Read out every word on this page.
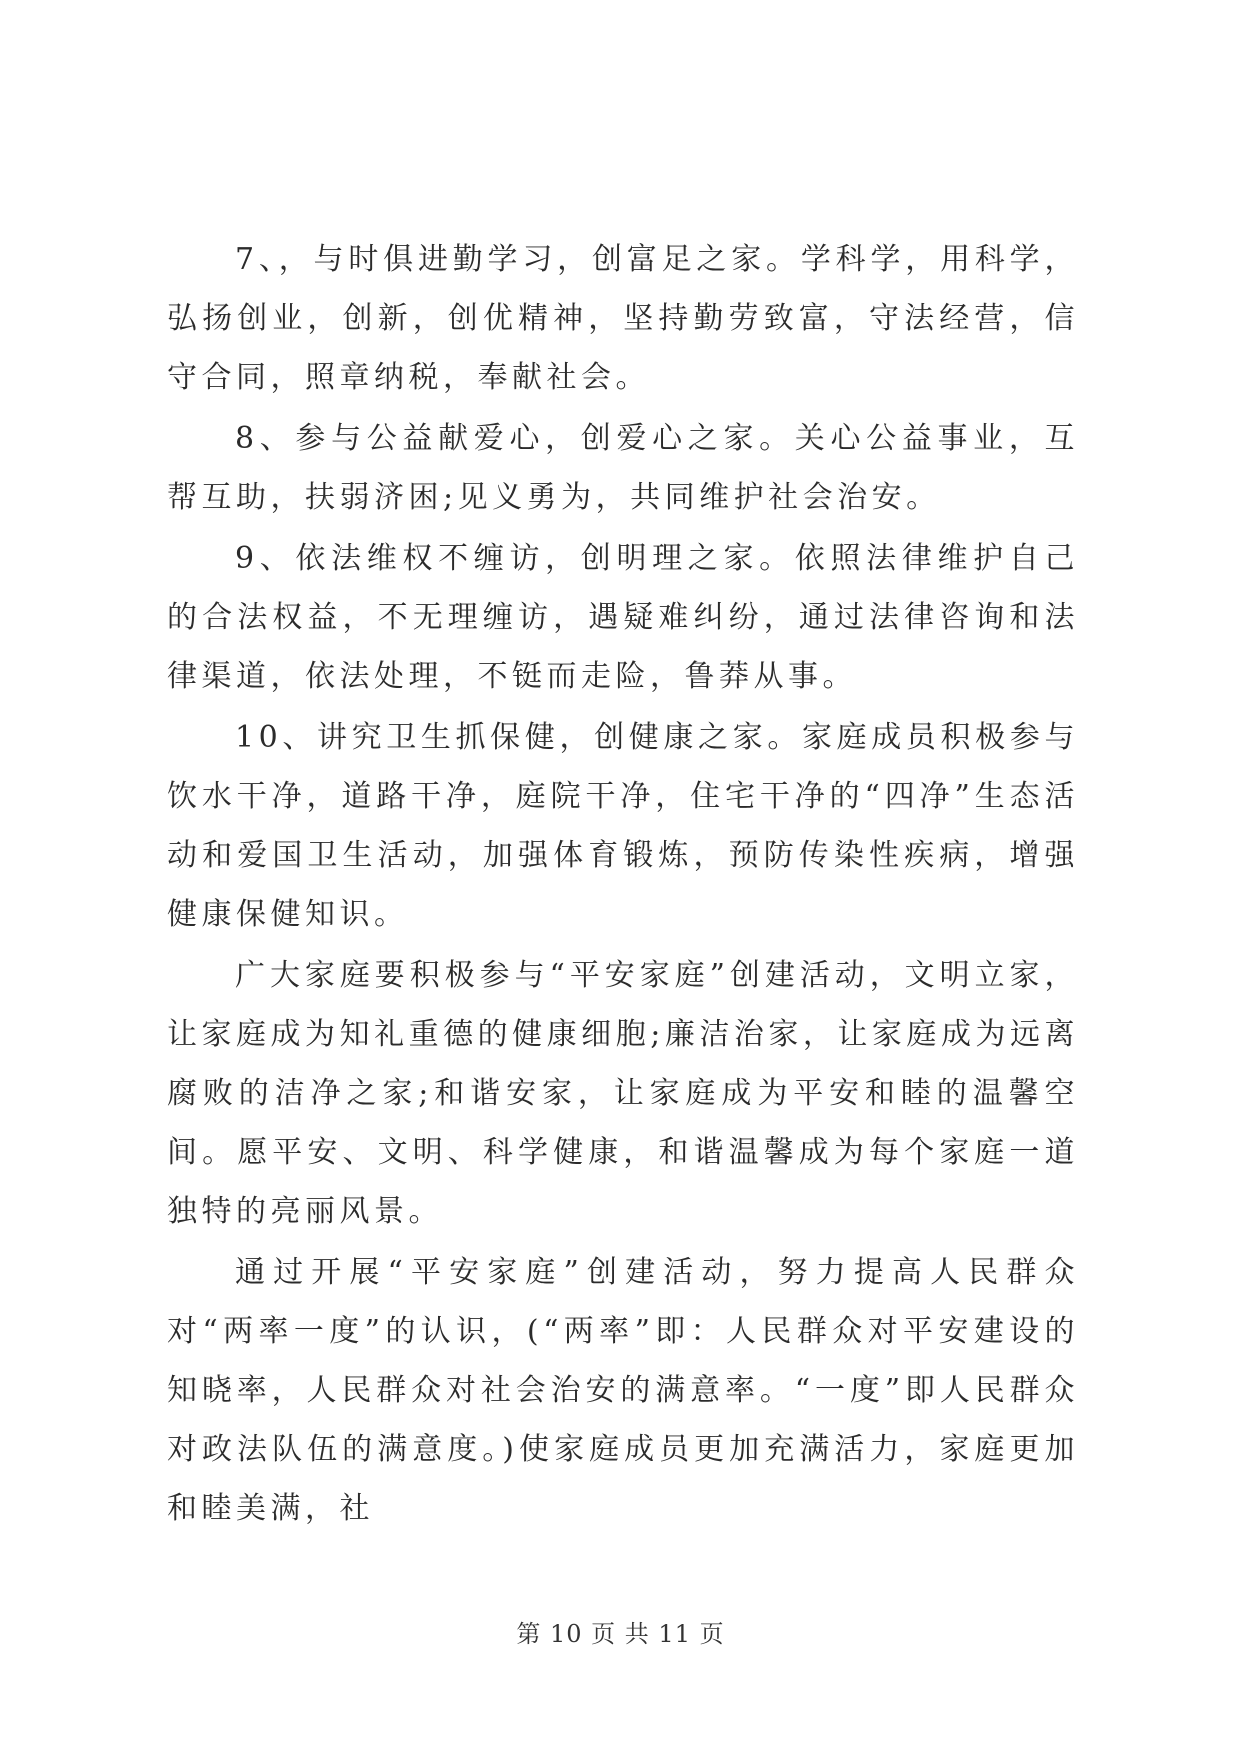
7、，与时俱进勤学习，创富足之家。学科学，用科学，弘扬创业，创新，创优精神，坚持勤劳致富，守法经营，信守合同，照章纳税，奉献社会。

8、参与公益献爱心，创爱心之家。关心公益事业，互帮互助，扶弱济困;见义勇为，共同维护社会治安。

9、依法维权不缠访，创明理之家。依照法律维护自己的合法权益，不无理缠访，遇疑难纠纷，通过法律咨询和法律渠道，依法处理，不铤而走险，鲁莽从事。

10、讲究卫生抓保健，创健康之家。家庭成员积极参与饮水干净，道路干净，庭院干净，住宅干净的“四净”生态活动和爱国卫生活动，加强体育锻炼，预防传染性疾病，增强健康保健知识。

广大家庭要积极参与“平安家庭”创建活动，文明立家，让家庭成为知礼重德的健康细胞;廉洁治家，让家庭成为远离腐败的洁净之家;和谐安家，让家庭成为平安和睦的温馨空间。愿平安、文明、科学健康，和谐温馨成为每个家庭一道独特的亮丽风景。

通过开展“平安家庭”创建活动，努力提高人民群众对“两率一度”的认识，(“两率”即：人民群众对平安建设的知晓率，人民群众对社会治安的满意率。“一度”即人民群众对政法队伍的满意度。)使家庭成员更加充满活力，家庭更加和睦美满，社

第 10 页 共 11 页
